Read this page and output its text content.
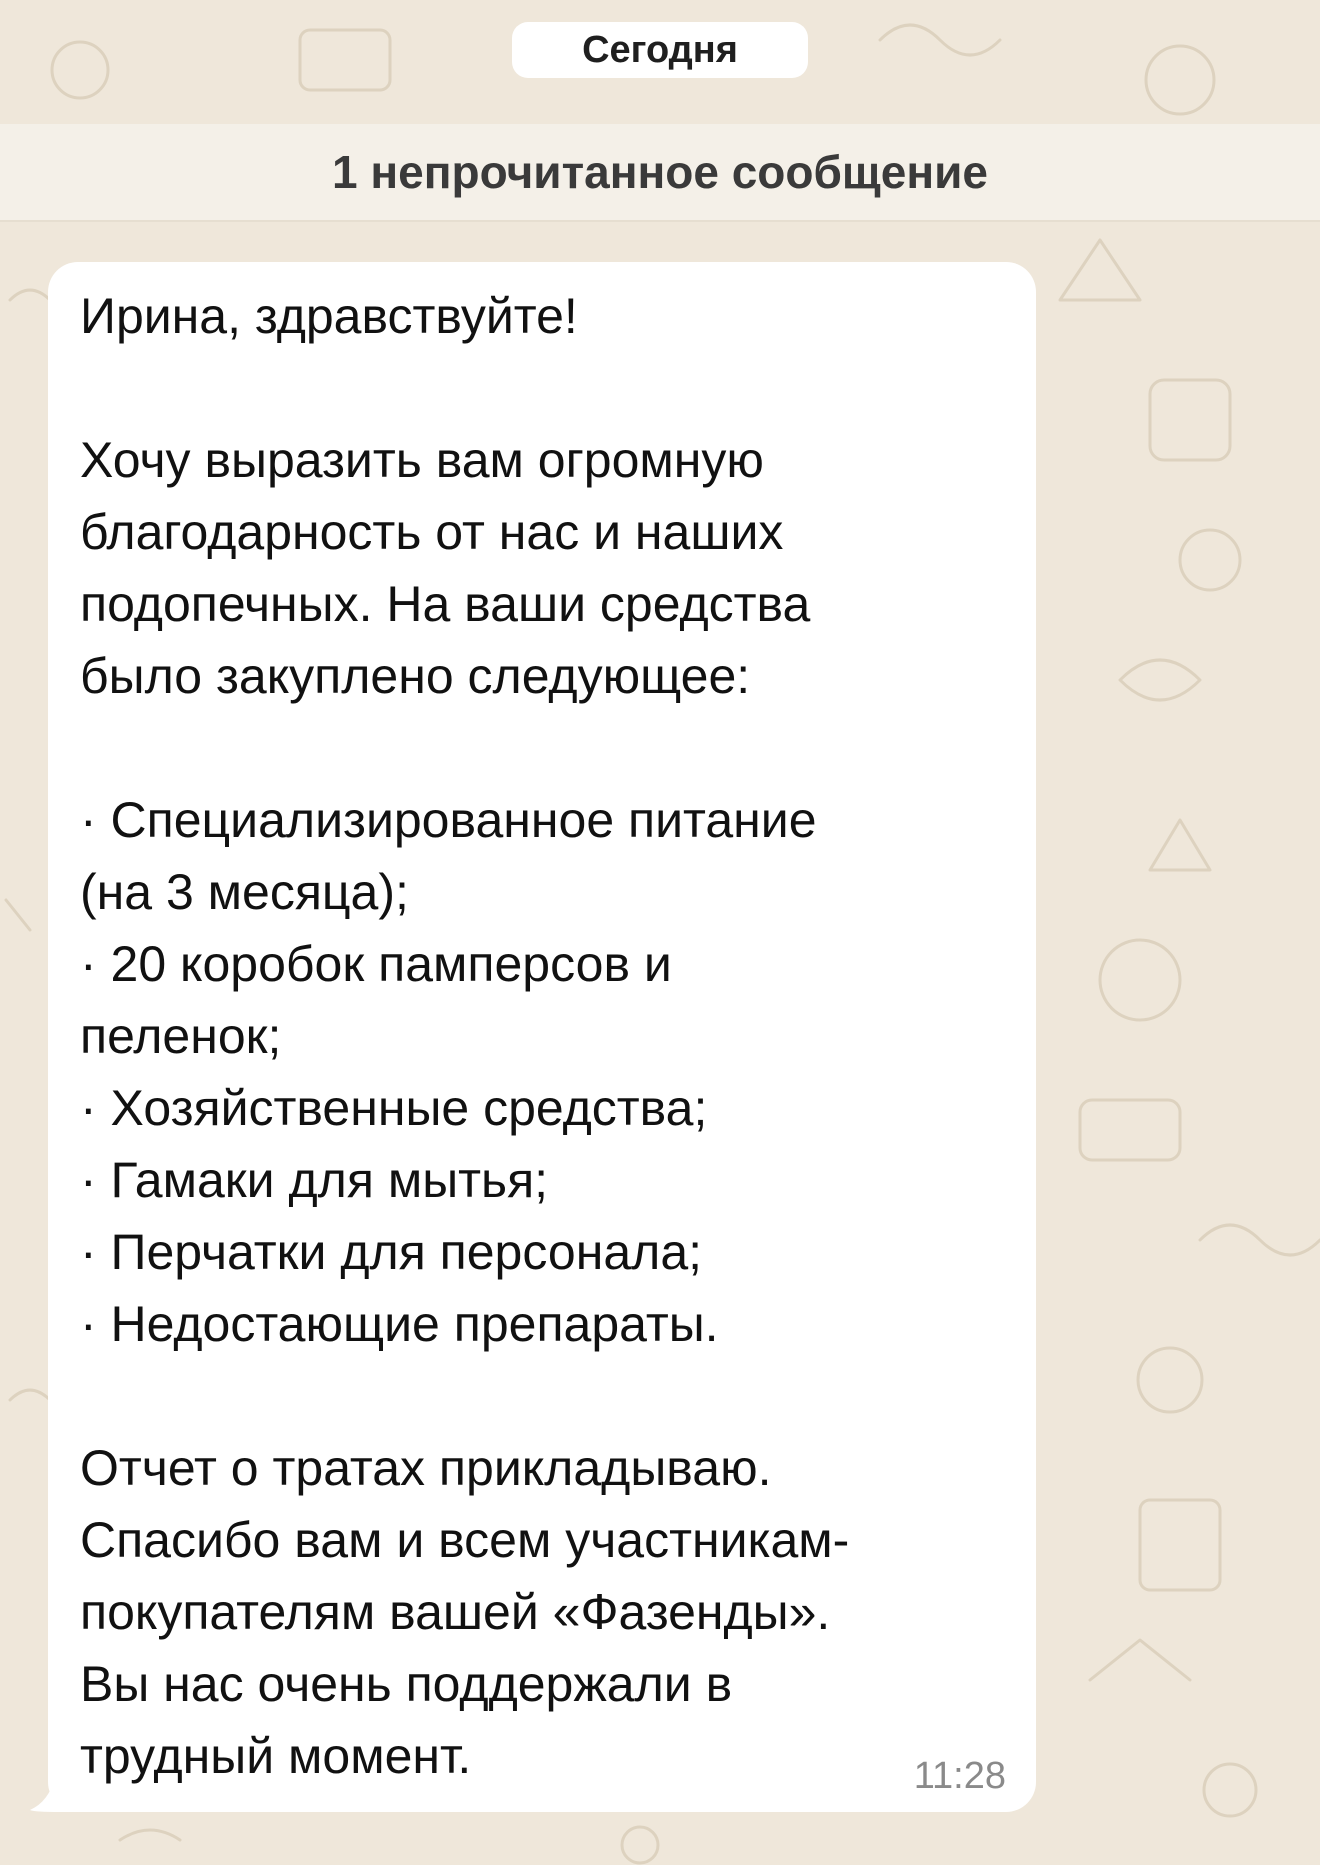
Сегодня
1 непрочитанное сообщение
Ирина, здравствуйте!
Хочу выразить вам огромную
благодарность от нас и наших
подопечных. На ваши средства
было закуплено следующее:
· Специализированное питание
(на 3 месяца);
· 20 коробок памперсов и
пеленок;
· Хозяйственные средства;
· Гамаки для мытья;
· Перчатки для персонала;
· Недостающие препараты.
Отчет о тратах прикладываю.
Спасибо вам и всем участникам-
покупателям вашей «Фазенды».
Вы нас очень поддержали в
трудный момент.	11:28
